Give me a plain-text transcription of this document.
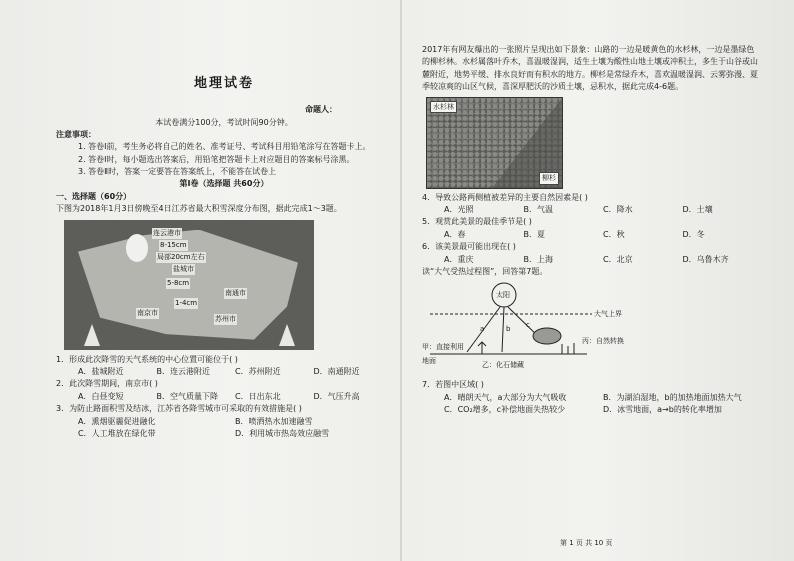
地理试卷
命题人：
本试卷满分100分，考试时间90分钟。
注意事项：
1. 答卷Ⅰ前，考生务必将自己的姓名、准考证号、考试科目用铅笔涂写在答题卡上。
2. 答卷Ⅰ时，每小题选出答案后，用铅笔把答题卡上对应题目的答案标号涂黑。
3. 答卷Ⅱ时，答案一定要答在答案纸上，不能答在试卷上
第Ⅰ卷（选择题 共60分）
一、选择题（60分）
下图为2018年1月3日傍晚至4日江苏省最大积雪深度分布图，据此完成1～3题。
连云港市
8-15cm
局部20cm左右
盐城市
5-8cm
南通市
1-4cm
南京市
苏州市
1．形成此次降雪的天气系统的中心位置可能位于( )
A．盐城附近	B．连云港附近	C．苏州附近	D．南通附近
2．此次降雪期间，南京市( )
A．白昼变短	B．空气质量下降	C．日出东北	D．气压升高
3．为防止路面积雪及结冰，江苏省各降雪城市可采取的有效措施是( )
A．熏烟驱霾促进融化	B．喷洒热水加速融雪
C．人工堆放在绿化带	D．利用城市热岛效应融雪
2017年有网友爆出的一张照片呈现出如下景象：山路的一边是暖黄色的水杉林，一边是墨绿色的柳杉林。水杉属落叶乔木，喜温暖湿润，适生土壤为酸性山地土壤或冲积土，多生于山谷或山麓附近，地势平缓、排水良好而有积水的地方。柳杉是常绿乔木，喜欢温暖湿润、云雾弥漫、夏季较凉爽的山区气候，喜深厚肥沃的沙质土壤，忌积水，据此完成4-6题。
水杉林
柳杉
4．导致公路两侧植被差异的主要自然因素是( )
A．光照	B．气温	C．降水	D．土壤
5．观赏此美景的最佳季节是( )
A．春	B．夏	C．秋	D．冬
6．该美景最可能出现在( )
A．重庆	B．上海	C．北京	D．乌鲁木齐
读“大气受热过程图”，回答第7题。
太阳
大气上界
a	b c
甲：直接利用
丙：自然转换
地面	乙：化石储藏
7．若图中区域( )
A．晴朗天气，a大部分为大气吸收	B．为湖泊湿地，b的加热地面加热大气
C．CO₂增多，c补偿地面失热较少	D．冰雪地面，a→b的转化率增加
第 1 页 共 10 页
